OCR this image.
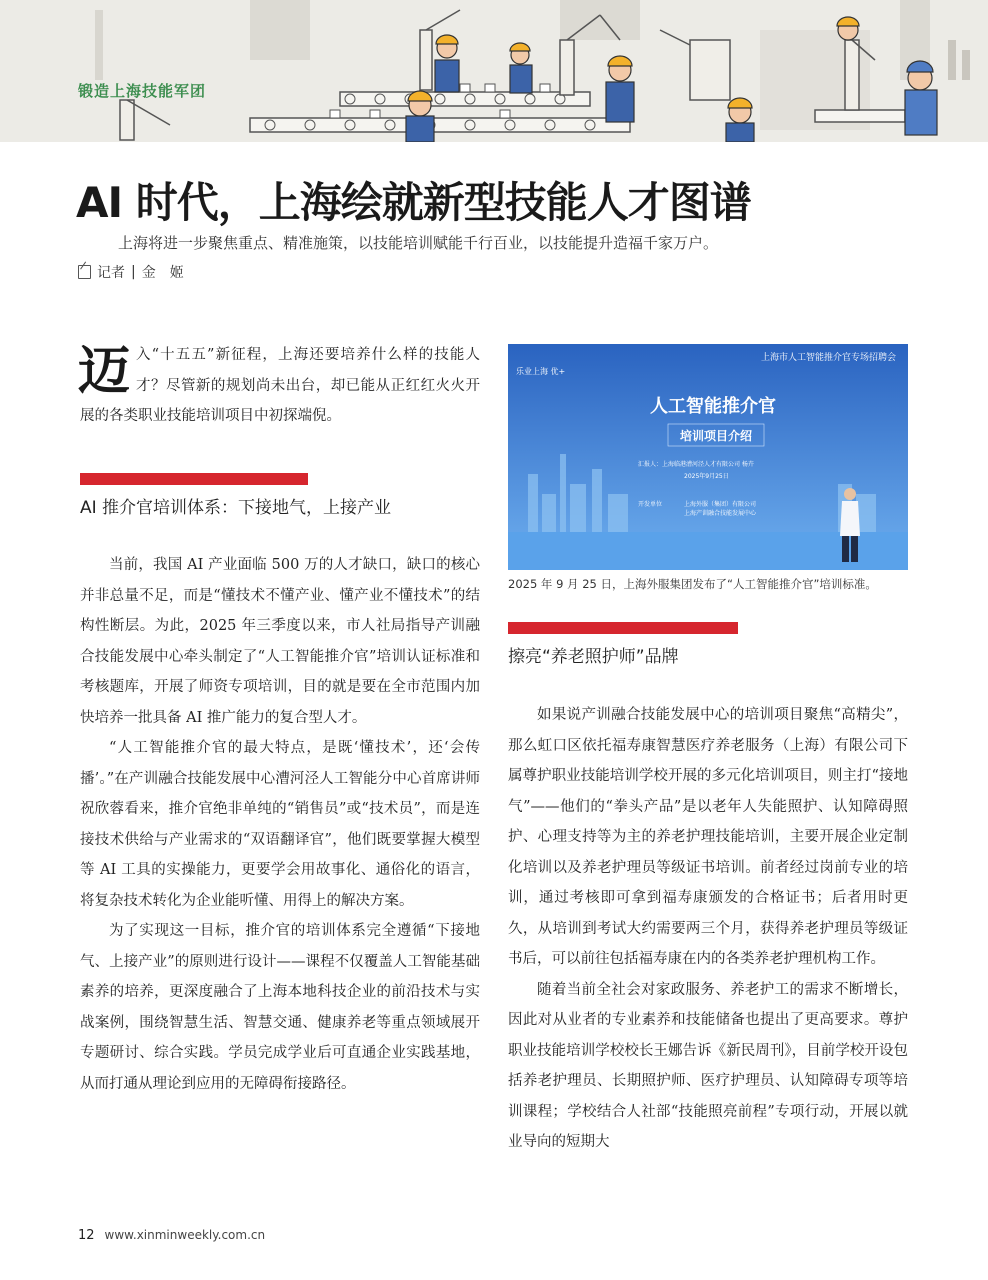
锻造上海技能军团
AI 时代，上海绘就新型技能人才图谱
上海将进一步聚焦重点、精准施策，以技能培训赋能千行百业，以技能提升造福千家万户。
记者 | 金　姬
迈入“十五五”新征程，上海还要培养什么样的技能人才？尽管新的规划尚未出台，却已能从正红红火火开展的各类职业技能培训项目中初探端倪。
AI 推介官培训体系：下接地气，上接产业

当前，我国 AI 产业面临 500 万的人才缺口，缺口的核心并非总量不足，而是“懂技术不懂产业、懂产业不懂技术”的结构性断层。为此，2025 年三季度以来，市人社局指导产训融合技能发展中心牵头制定了“人工智能推介官”培训认证标准和考核题库，开展了师资专项培训，目的就是要在全市范围内加快培养一批具备 AI 推广能力的复合型人才。

“人工智能推介官的最大特点，是既‘懂技术’，还‘会传播’。”在产训融合技能发展中心漕河泾人工智能分中心首席讲师祝欣蓉看来，推介官绝非单纯的“销售员”或“技术员”，而是连接技术供给与产业需求的“双语翻译官”，他们既要掌握大模型等 AI 工具的实操能力，更要学会用故事化、通俗化的语言，将复杂技术转化为企业能听懂、用得上的解决方案。

为了实现这一目标，推介官的培训体系完全遵循“下接地气、上接产业”的原则进行设计——课程不仅覆盖人工智能基础素养的培养，更深度融合了上海本地科技企业的前沿技术与实战案例，围绕智慧生活、智慧交通、健康养老等重点领域展开专题研讨、综合实践。学员完成学业后可直通企业实践基地，从而打通从理论到应用的无障碍衔接路径。

上海市人工智能推介官专场招聘会
乐业上海 优+
人工智能推介官
培训项目介绍
汇报人：上海临港漕河泾人才有限公司 杨卉
2025年9月25日
开发单位	上海外服（集团）有限公司
上海产训融合技能发展中心
2025 年 9 月 25 日，上海外服集团发布了“人工智能推介官”培训标准。
擦亮“养老照护师”品牌

如果说产训融合技能发展中心的培训项目聚焦“高精尖”，那么虹口区依托福寿康智慧医疗养老服务（上海）有限公司下属尊护职业技能培训学校开展的多元化培训项目，则主打“接地气”——他们的“拳头产品”是以老年人失能照护、认知障碍照护、心理支持等为主的养老护理技能培训，主要开展企业定制化培训以及养老护理员等级证书培训。前者经过岗前专业的培训，通过考核即可拿到福寿康颁发的合格证书；后者用时更久，从培训到考试大约需要两三个月，获得养老护理员等级证书后，可以前往包括福寿康在内的各类养老护理机构工作。

随着当前全社会对家政服务、养老护工的需求不断增长，因此对从业者的专业素养和技能储备也提出了更高要求。尊护职业技能培训学校校长王娜告诉《新民周刊》，目前学校开设包括养老护理员、长期照护师、医疗护理员、认知障碍专项等培训课程；学校结合人社部“技能照亮前程”专项行动，开展以就业导向的短期大

12 www.xinminweekly.com.cn
